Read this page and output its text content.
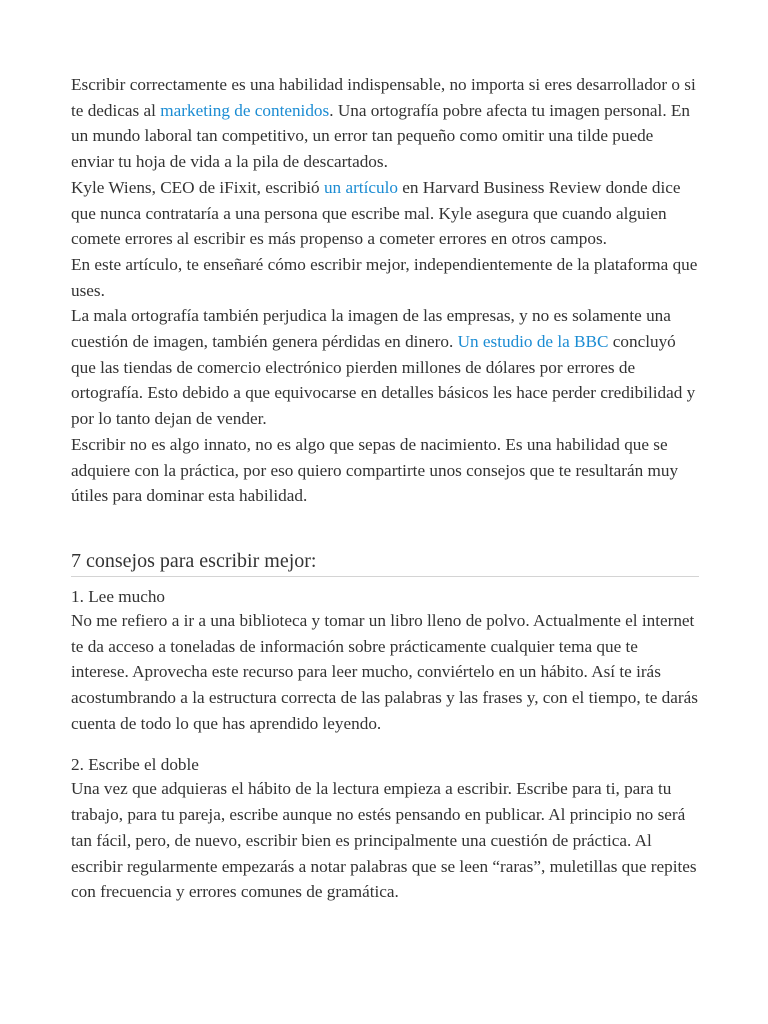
Escribir correctamente es una habilidad indispensable, no importa si eres desarrollador o si te dedicas al marketing de contenidos. Una ortografía pobre afecta tu imagen personal. En un mundo laboral tan competitivo, un error tan pequeño como omitir una tilde puede enviar tu hoja de vida a la pila de descartados.

Kyle Wiens, CEO de iFixit, escribió un artículo en Harvard Business Review donde dice que nunca contrataría a una persona que escribe mal. Kyle asegura que cuando alguien comete errores al escribir es más propenso a cometer errores en otros campos.

En este artículo, te enseñaré cómo escribir mejor, independientemente de la plataforma que uses.

La mala ortografía también perjudica la imagen de las empresas, y no es solamente una cuestión de imagen, también genera pérdidas en dinero. Un estudio de la BBC concluyó que las tiendas de comercio electrónico pierden millones de dólares por errores de ortografía. Esto debido a que equivocarse en detalles básicos les hace perder credibilidad y por lo tanto dejan de vender.

Escribir no es algo innato, no es algo que sepas de nacimiento. Es una habilidad que se adquiere con la práctica, por eso quiero compartirte unos consejos que te resultarán muy útiles para dominar esta habilidad.

7 consejos para escribir mejor:
1. Lee mucho

No me refiero a ir a una biblioteca y tomar un libro lleno de polvo. Actualmente el internet te da acceso a toneladas de información sobre prácticamente cualquier tema que te interese. Aprovecha este recurso para leer mucho, conviértelo en un hábito. Así te irás acostumbrando a la estructura correcta de las palabras y las frases y, con el tiempo, te darás cuenta de todo lo que has aprendido leyendo.

2. Escribe el doble

Una vez que adquieras el hábito de la lectura empieza a escribir. Escribe para ti, para tu trabajo, para tu pareja, escribe aunque no estés pensando en publicar. Al principio no será tan fácil, pero, de nuevo, escribir bien es principalmente una cuestión de práctica. Al escribir regularmente empezarás a notar palabras que se leen “raras”, muletillas que repites con frecuencia y errores comunes de gramática.
